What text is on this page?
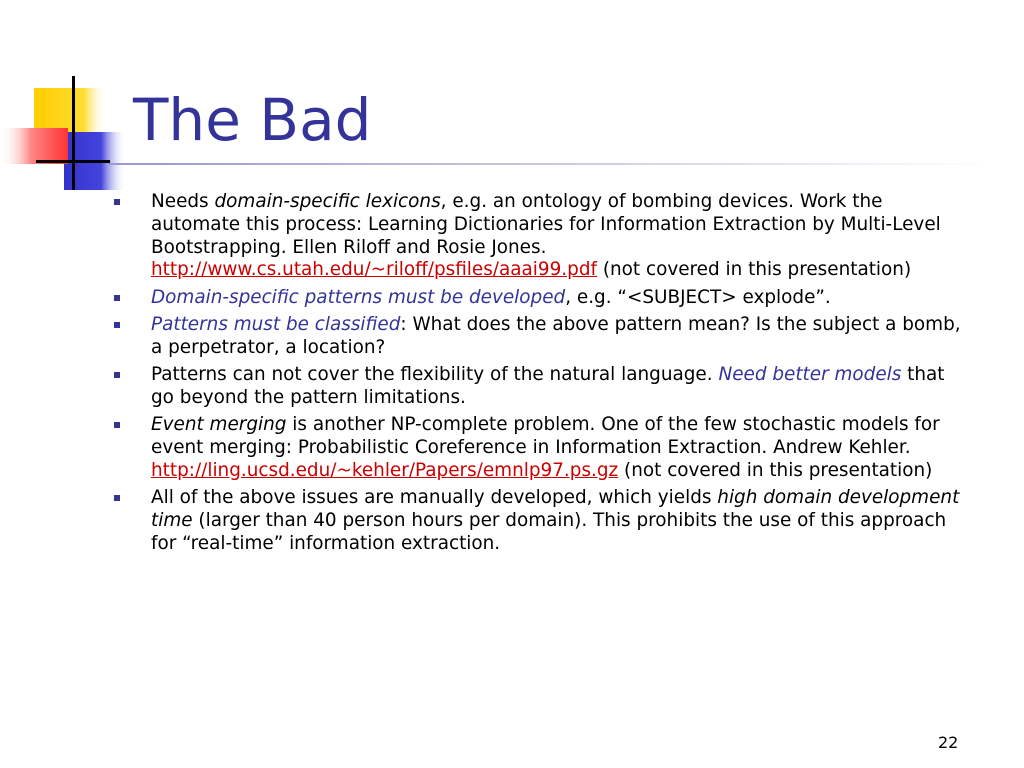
The Bad
Needs domain-specific lexicons, e.g. an ontology of bombing devices. Work the automate this process: Learning Dictionaries for Information Extraction by Multi-Level Bootstrapping. Ellen Riloff and Rosie Jones. http://www.cs.utah.edu/~riloff/psfiles/aaai99.pdf (not covered in this presentation)
Domain-specific patterns must be developed, e.g. “<SUBJECT> explode”.
Patterns must be classified: What does the above pattern mean? Is the subject a bomb, a perpetrator, a location?
Patterns can not cover the flexibility of the natural language. Need better models that go beyond the pattern limitations.
Event merging is another NP-complete problem. One of the few stochastic models for event merging: Probabilistic Coreference in Information Extraction. Andrew Kehler. http://ling.ucsd.edu/~kehler/Papers/emnlp97.ps.gz (not covered in this presentation)
All of the above issues are manually developed, which yields high domain development time (larger than 40 person hours per domain). This prohibits the use of this approach for “real-time” information extraction.
22
